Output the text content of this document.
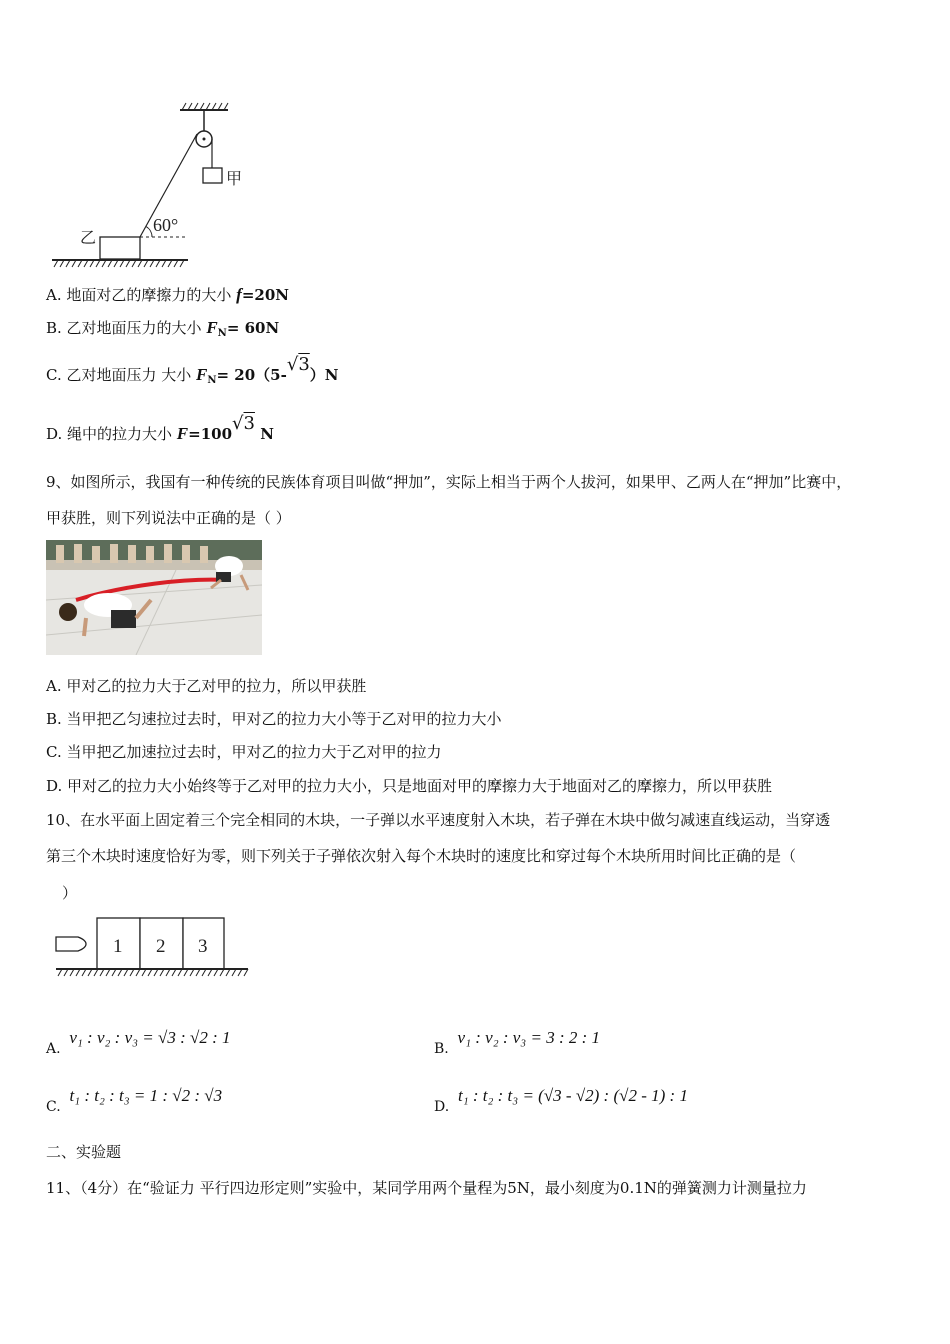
甲
乙
60°
A. 地面对乙的摩擦力的大小 f=20N
B. 乙对地面压力的大小 $F_N= 60N$
C. 乙对地面压力 大小 $F_N= 20(5-√3)N$
D. 绳中的拉力大小 F=100√3 N
9、如图所示，我国有一种传统的民族体育项目叫做“押加”，实际上相当于两个人拔河，如果甲、乙两人在“押加”比赛中，
甲获胜，则下列说法中正确的是（ ）
A. 甲对乙的拉力大于乙对甲的拉力，所以甲获胜
B. 当甲把乙匀速拉过去时，甲对乙的拉力大小等于乙对甲的拉力大小
C. 当甲把乙加速拉过去时，甲对乙的拉力大于乙对甲的拉力
D. 甲对乙的拉力大小始终等于乙对甲的拉力大小，只是地面对甲的摩擦力大于地面对乙的摩擦力，所以甲获胜
10、在水平面上固定着三个完全相同的木块，一子弹以水平速度射入木块，若子弹在木块中做匀减速直线运动，当穿透
第三个木块时速度恰好为零，则下列关于子弹依次射入每个木块时的速度比和穿过每个木块所用时间比正确的是（
）
1 2 3
A. v₁ : v₂ : v₃ = √3 : √2 : 1
B. v₁ : v₂ : v₃ = 3 : 2 : 1
C. t₁ : t₂ : t₃ = 1 : √2 : √3
D. t₁ : t₂ : t₃ = (√3 - √2) : (√2 - 1) : 1
二、实验题
11、（4分）在“验证力 平行四边形定则”实验中，某同学用两个量程为5N，最小刻度为0.1N的弹簧测力计测量拉力
